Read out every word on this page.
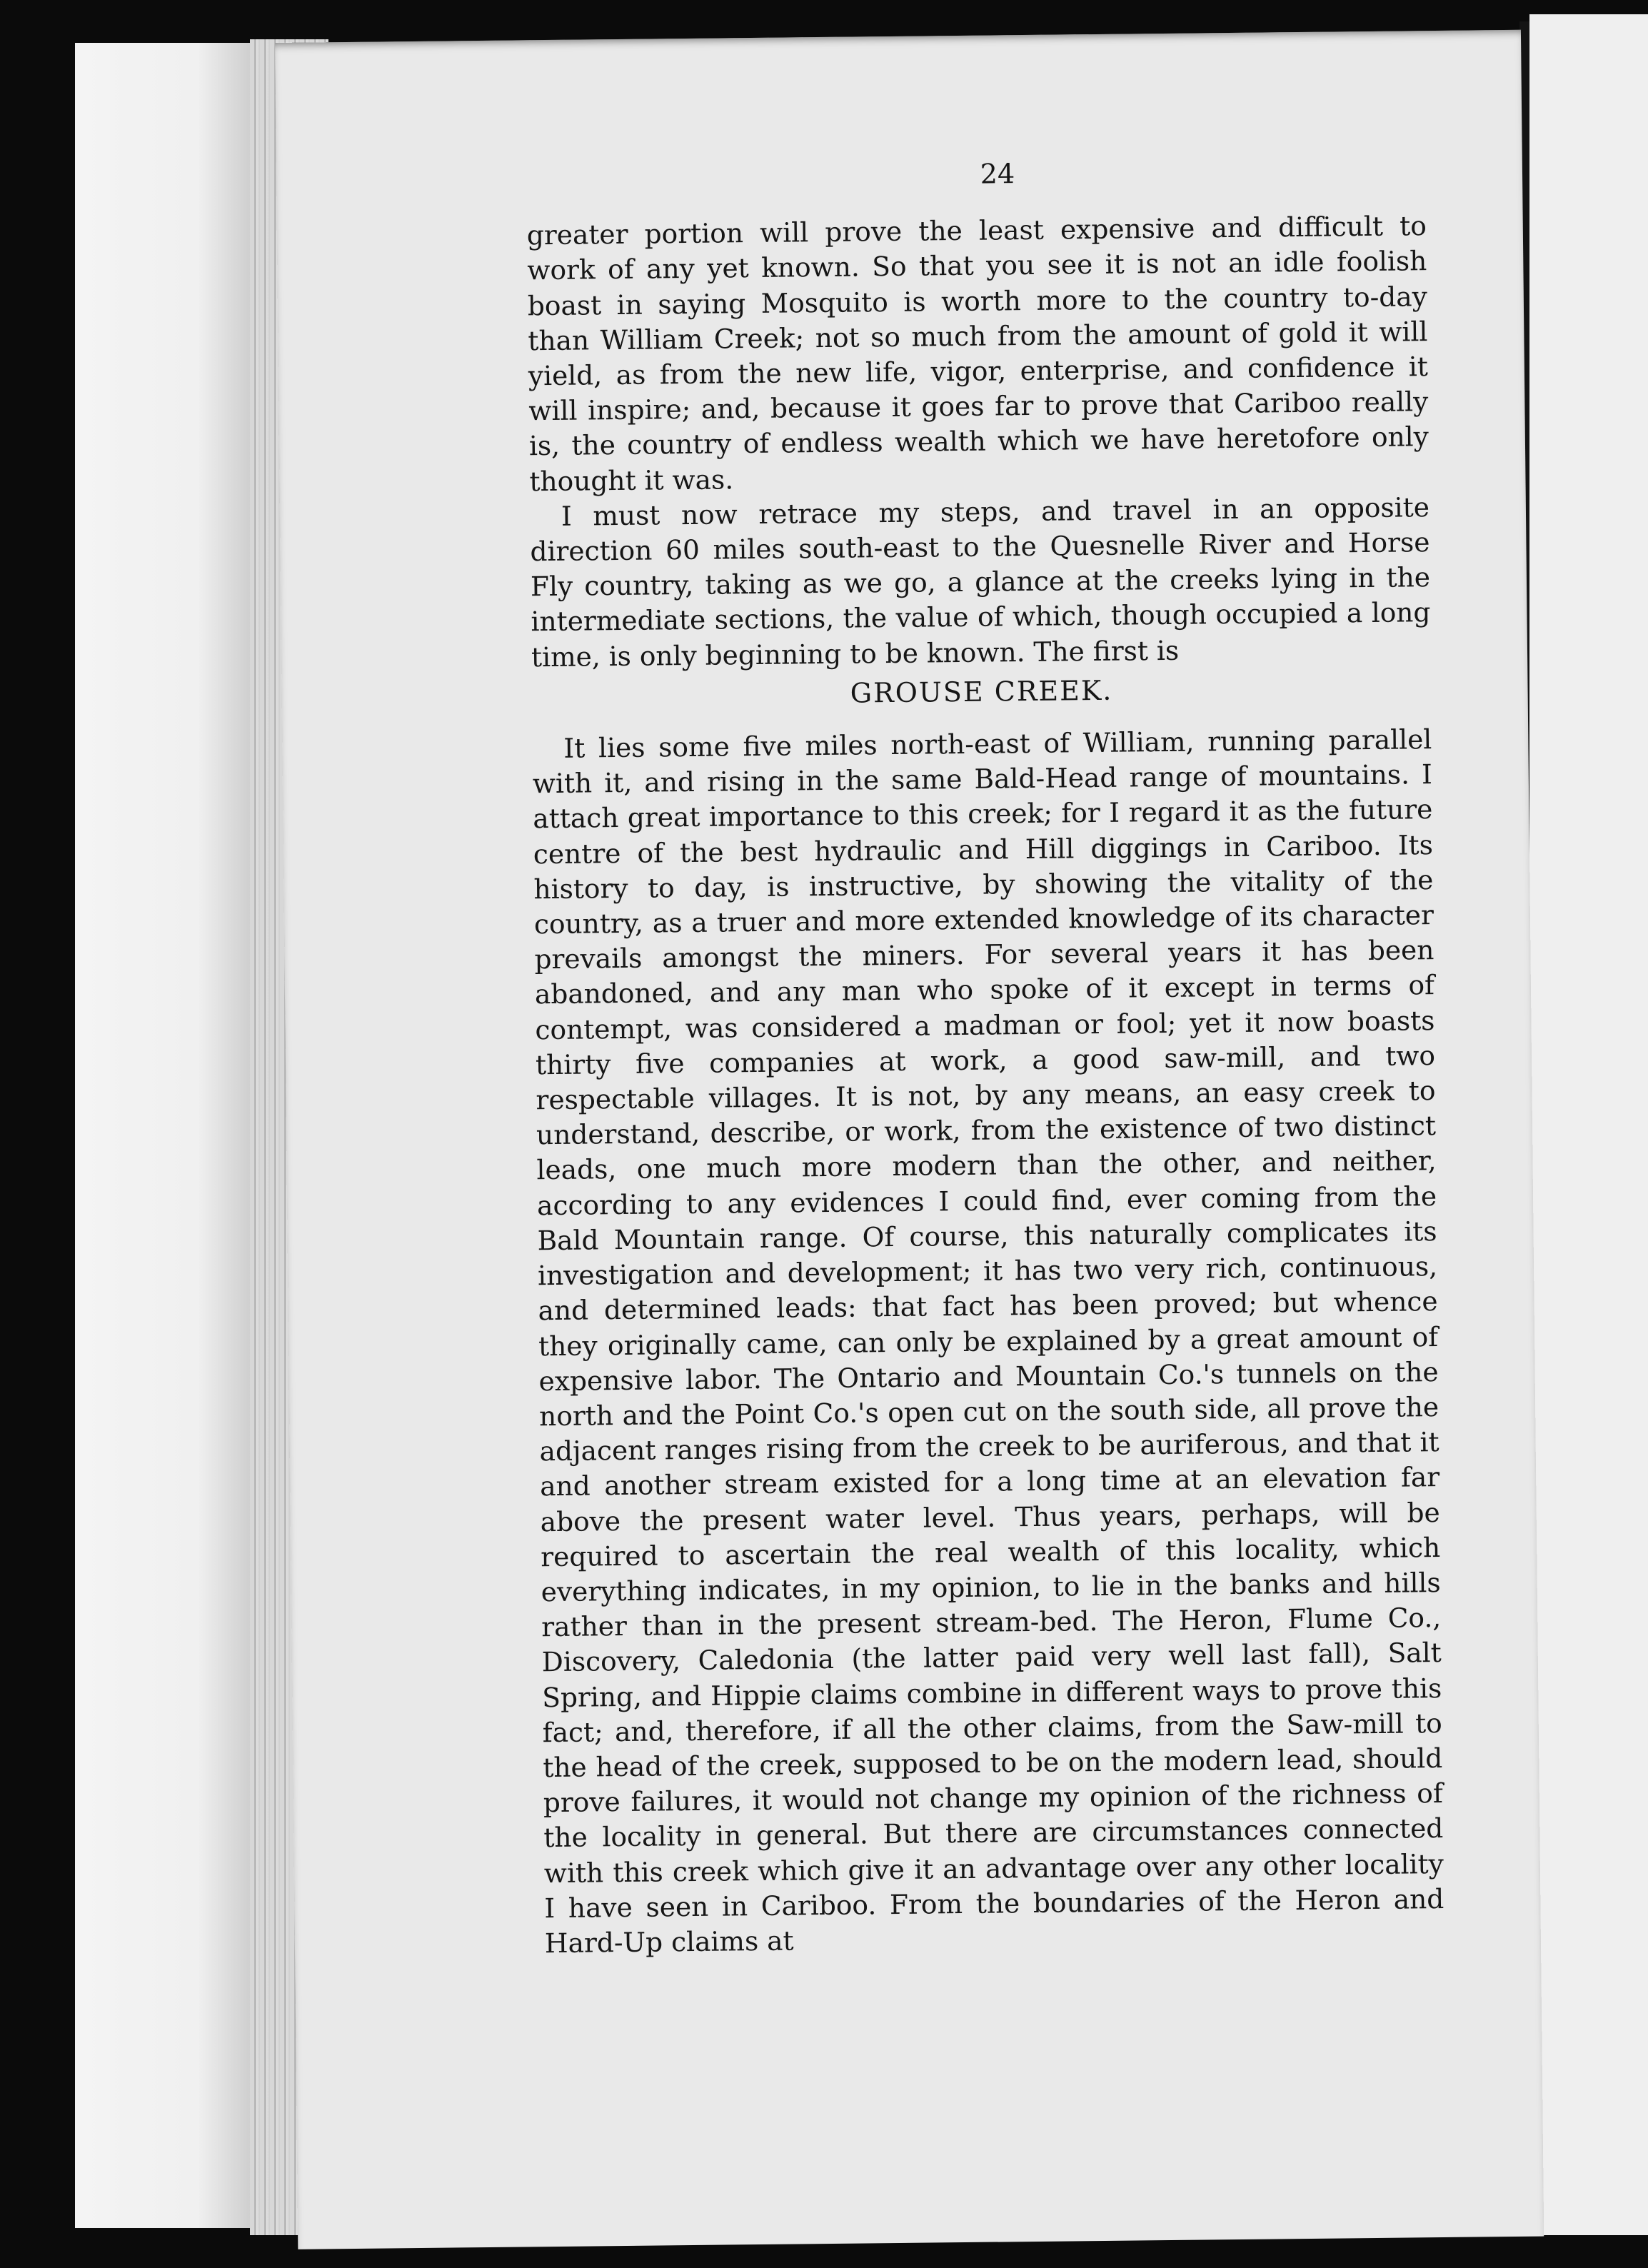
24

greater portion will prove the least expensive and difficult to work of any yet known. So that you see it is not an idle foolish boast in saying Mosquito is worth more to the country to-day than William Creek; not so much from the amount of gold it will yield, as from the new life, vigor, enterprise, and confidence it will inspire; and, because it goes far to prove that Cariboo really is, the country of endless wealth which we have heretofore only thought it was.

I must now retrace my steps, and travel in an opposite direction 60 miles south-east to the Quesnelle River and Horse Fly country, taking as we go, a glance at the creeks lying in the intermediate sections, the value of which, though occupied a long time, is only beginning to be known. The first is

GROUSE CREEK.

It lies some five miles north-east of William, running parallel with it, and rising in the same Bald-Head range of mountains. I attach great importance to this creek; for I regard it as the future centre of the best hydraulic and Hill diggings in Cariboo. Its history to day, is instructive, by showing the vitality of the country, as a truer and more extended knowledge of its character prevails amongst the miners. For several years it has been abandoned, and any man who spoke of it except in terms of contempt, was considered a madman or fool; yet it now boasts thirty five companies at work, a good saw-mill, and two respectable villages. It is not, by any means, an easy creek to understand, describe, or work, from the existence of two distinct leads, one much more modern than the other, and neither, according to any evidences I could find, ever coming from the Bald Mountain range. Of course, this naturally complicates its investigation and development; it has two very rich, continuous, and determined leads: that fact has been proved; but whence they originally came, can only be explained by a great amount of expensive labor. The Ontario and Mountain Co.'s tunnels on the north and the Point Co.'s open cut on the south side, all prove the adjacent ranges rising from the creek to be auriferous, and that it and another stream existed for a long time at an elevation far above the present water level. Thus years, perhaps, will be required to ascertain the real wealth of this locality, which everything indicates, in my opinion, to lie in the banks and hills rather than in the present stream-bed. The Heron, Flume Co., Discovery, Caledonia (the latter paid very well last fall), Salt Spring, and Hippie claims combine in different ways to prove this fact; and, therefore, if all the other claims, from the Saw-mill to the head of the creek, supposed to be on the modern lead, should prove failures, it would not change my opinion of the richness of the locality in general. But there are circumstances connected with this creek which give it an advantage over any other locality I have seen in Cariboo. From the boundaries of the Heron and Hard-Up claims at
